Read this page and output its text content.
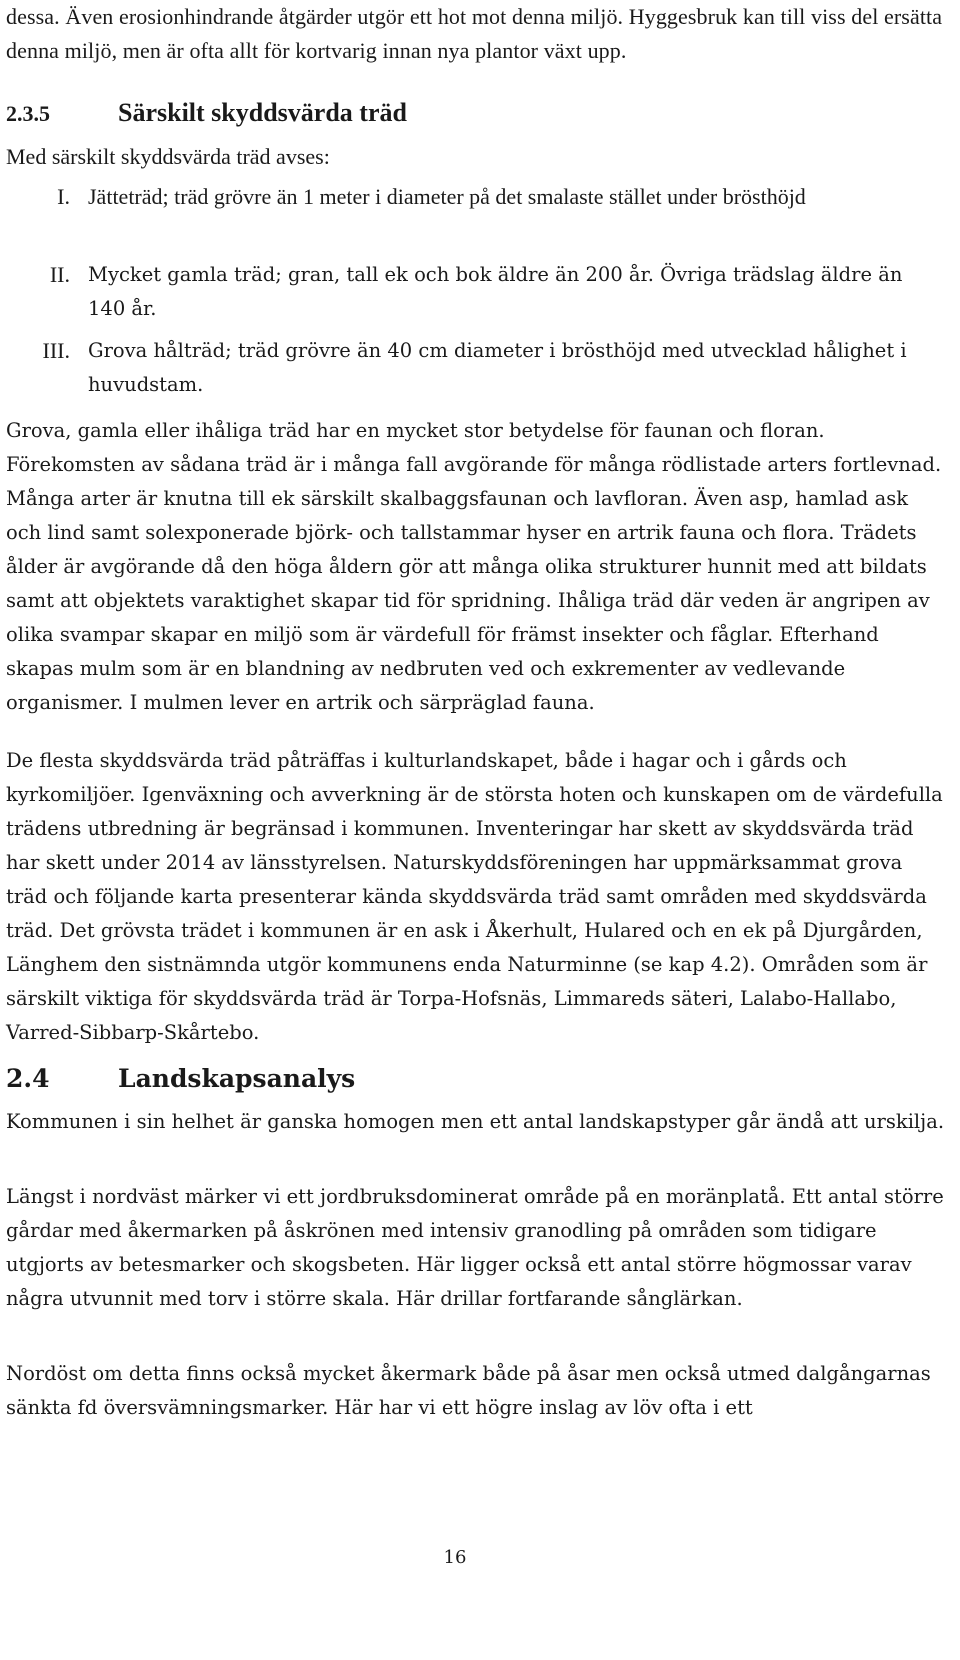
dessa. Även erosionhindrande åtgärder utgör ett hot mot denna miljö. Hyggesbruk kan till viss del ersätta denna miljö, men är ofta allt för kortvarig innan nya plantor växt upp.

2.3.5	Särskilt skyddsvärda träd

Med särskilt skyddsvärda träd avses:

I. Jätteträd; träd grövre än 1 meter i diameter på det smalaste stället under brösthöjd
II. Mycket gamla träd; gran, tall ek och bok äldre än 200 år. Övriga trädslag äldre än 140 år.
III. Grova hålträd; träd grövre än 40 cm diameter i brösthöjd med utvecklad hålighet i huvudstam.

Grova, gamla eller ihåliga träd har en mycket stor betydelse för faunan och floran. Förekomsten av sådana träd är i många fall avgörande för många rödlistade arters fortlevnad. Många arter är knutna till ek särskilt skalbaggsfaunan och lavfloran. Även asp, hamlad ask och lind samt solexponerade björk- och tallstammar hyser en artrik fauna och flora. Trädets ålder är avgörande då den höga åldern gör att många olika strukturer hunnit med att bildats samt att objektets varaktighet skapar tid för spridning. Ihåliga träd där veden är angripen av olika svampar skapar en miljö som är värdefull för främst insekter och fåglar. Efterhand skapas mulm som är en blandning av nedbruten ved och exkrementer av vedlevande organismer. I mulmen lever en artrik och särpräglad fauna.

De flesta skyddsvärda träd påträffas i kulturlandskapet, både i hagar och i gårds och kyrkomiljöer. Igenväxning och avverkning är de största hoten och kunskapen om de värdefulla trädens utbredning är begränsad i kommunen. Inventeringar har skett av skyddsvärda träd har skett under 2014 av länsstyrelsen. Naturskyddsföreningen har uppmärksammat grova träd och följande karta presenterar kända skyddsvärda träd samt områden med skyddsvärda träd. Det grövsta trädet i kommunen är en ask i Åkerhult, Hulared och en ek på Djurgården, Länghem den sistnämnda utgör kommunens enda Naturminne (se kap 4.2). Områden som är särskilt viktiga för skyddsvärda träd är Torpa-Hofsnäs, Limmareds säteri, Lalabo-Hallabo, Varred-Sibbarp-Skårtebo.

2.4	Landskapsanalys

Kommunen i sin helhet är ganska homogen men ett antal landskapstyper går ändå att urskilja.

Längst i nordväst märker vi ett jordbruksdominerat område på en moränplatå. Ett antal större gårdar med åkermarken på åskrönen med intensiv granodling på områden som tidigare utgjorts av betesmarker och skogsbeten. Här ligger också ett antal större högmossar varav några utvunnit med torv i större skala. Här drillar fortfarande sånglärkan.

Nordöst om detta finns också mycket åkermark både på åsar men också utmed dalgångarnas sänkta fd översvämningsmarker. Här har vi ett högre inslag av löv ofta i ett

16
